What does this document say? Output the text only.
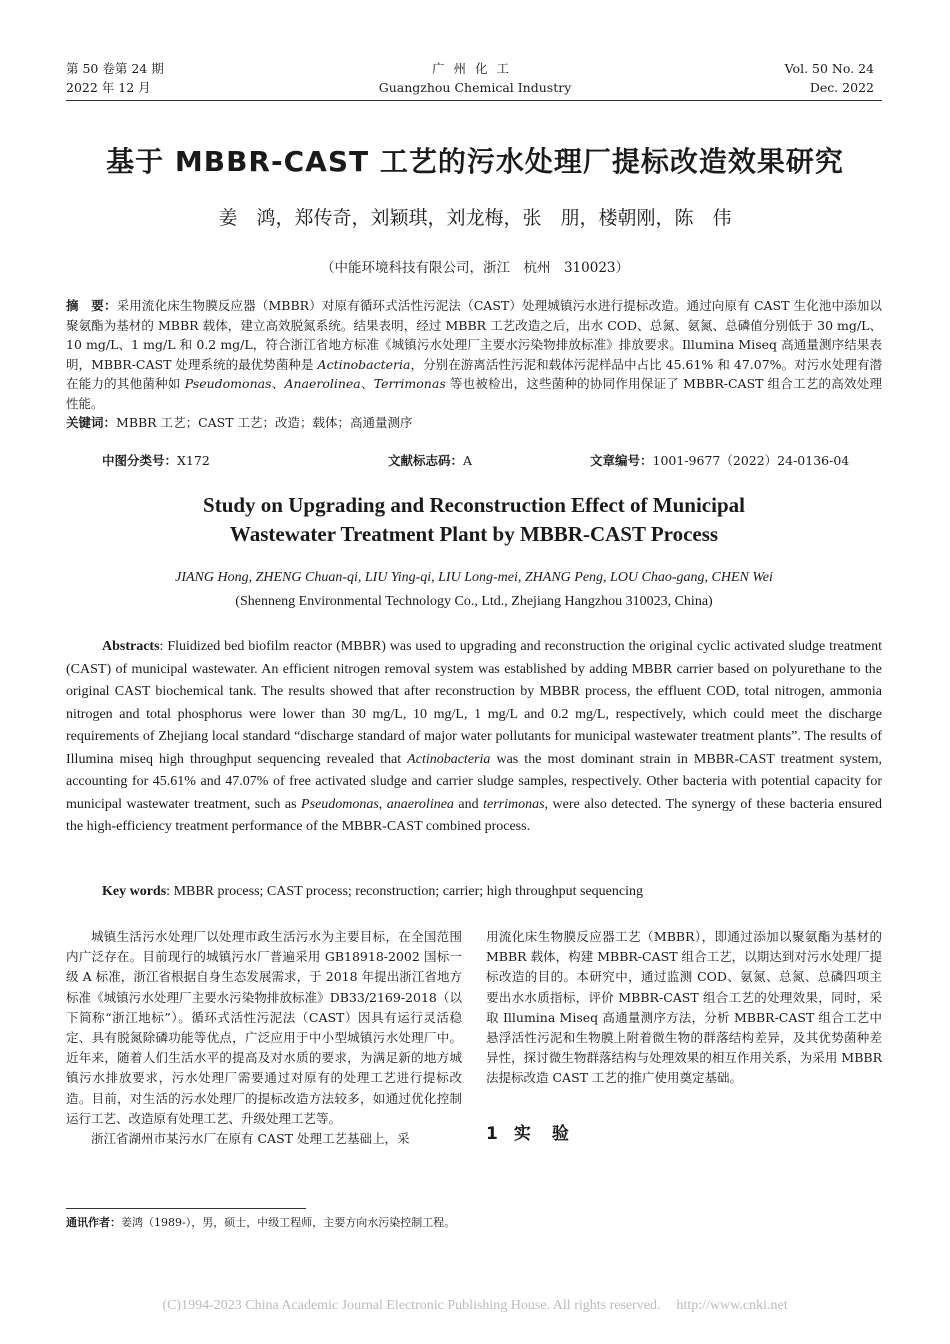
第 50 卷第 24 期
2022 年 12 月
广州化工
Guangzhou Chemical Industry
Vol. 50 No. 24
Dec. 2022
基于 MBBR-CAST 工艺的污水处理厂提标改造效果研究
姜　鸿，郑传奇，刘颖琪，刘龙梅，张　朋，楼朝刚，陈　伟
（中能环境科技有限公司，浙江　杭州　310023）
摘　要：采用流化床生物膜反应器（MBBR）对原有循环式活性污泥法（CAST）处理城镇污水进行提标改造。通过向原有 CAST 生化池中添加以聚氨酯为基材的 MBBR 载体，建立高效脱氮系统。结果表明，经过 MBBR 工艺改造之后，出水 COD、总氮、氨氮、总磷值分别低于 30 mg/L、10 mg/L、1 mg/L 和 0.2 mg/L，符合浙江省地方标准《城镇污水处理厂主要水污染物排放标准》排放要求。Illumina Miseq 高通量测序结果表明，MBBR-CAST 处理系统的最优势菌种是 Actinobacteria，分别在游离活性污泥和载体污泥样品中占比 45.61% 和 47.07%。对污水处理有潜在能力的其他菌种如 Pseudomonas、Anaerolinea、Terrimonas 等也被检出，这些菌种的协同作用保证了 MBBR-CAST 组合工艺的高效处理性能。
关键词：MBBR 工艺；CAST 工艺；改造；载体；高通量测序
中图分类号：X172	文献标志码：A	文章编号：1001-9677（2022）24-0136-04
Study on Upgrading and Reconstruction Effect of Municipal
Wastewater Treatment Plant by MBBR-CAST Process
JIANG Hong, ZHENG Chuan-qi, LIU Ying-qi, LIU Long-mei, ZHANG Peng, LOU Chao-gang, CHEN Wei
(Shenneng Environmental Technology Co., Ltd., Zhejiang Hangzhou 310023, China)
Abstracts: Fluidized bed biofilm reactor (MBBR) was used to upgrading and reconstruction the original cyclic activated sludge treatment (CAST) of municipal wastewater. An efficient nitrogen removal system was established by adding MBBR carrier based on polyurethane to the original CAST biochemical tank. The results showed that after reconstruction by MBBR process, the effluent COD, total nitrogen, ammonia nitrogen and total phosphorus were lower than 30 mg/L, 10 mg/L, 1 mg/L and 0.2 mg/L, respectively, which could meet the discharge requirements of Zhejiang local standard “discharge standard of major water pollutants for municipal wastewater treatment plants”. The results of Illumina miseq high throughput sequencing revealed that Actinobacteria was the most dominant strain in MBBR-CAST treatment system, accounting for 45.61% and 47.07% of free activated sludge and carrier sludge samples, respectively. Other bacteria with potential capacity for municipal wastewater treatment, such as Pseudomonas, anaerolinea and terrimonas, were also detected. The synergy of these bacteria ensured the high-efficiency treatment performance of the MBBR-CAST combined process.
Key words: MBBR process; CAST process; reconstruction; carrier; high throughput sequencing

城镇生活污水处理厂以处理市政生活污水为主要目标，在全国范围内广泛存在。目前现行的城镇污水厂普遍采用 GB18918-2002 国标一级 A 标准，浙江省根据自身生态发展需求，于 2018 年提出浙江省地方标准《城镇污水处理厂主要水污染物排放标准》DB33/2169-2018（以下简称“浙江地标”）。循环式活性污泥法（CAST）因具有运行灵活稳定、具有脱氮除磷功能等优点，广泛应用于中小型城镇污水处理厂中。近年来，随着人们生活水平的提高及对水质的要求，为满足新的地方城镇污水排放要求，污水处理厂需要通过对原有的处理工艺进行提标改造。目前，对生活的污水处理厂的提标改造方法较多，如通过优化控制运行工艺、改造原有处理工艺、升级处理工艺等。

浙江省湖州市某污水厂在原有 CAST 处理工艺基础上，采

用流化床生物膜反应器工艺（MBBR），即通过添加以聚氨酯为基材的 MBBR 载体，构建 MBBR-CAST 组合工艺，以期达到对污水处理厂提标改造的目的。本研究中，通过监测 COD、氨氮、总氮、总磷四项主要出水水质指标，评价 MBBR-CAST 组合工艺的处理效果，同时，采取 Illumina Miseq 高通量测序方法，分析 MBBR-CAST 组合工艺中悬浮活性污泥和生物膜上附着微生物的群落结构差异，及其优势菌种差异性，探讨微生物群落结构与处理效果的相互作用关系，为采用 MBBR 法提标改造 CAST 工艺的推广使用奠定基础。

1 实　验
通讯作者：姜鸿（1989-），男，硕士，中级工程师，主要方向水污染控制工程。
(C)1994-2023 China Academic Journal Electronic Publishing House. All rights reserved. http://www.cnki.net
